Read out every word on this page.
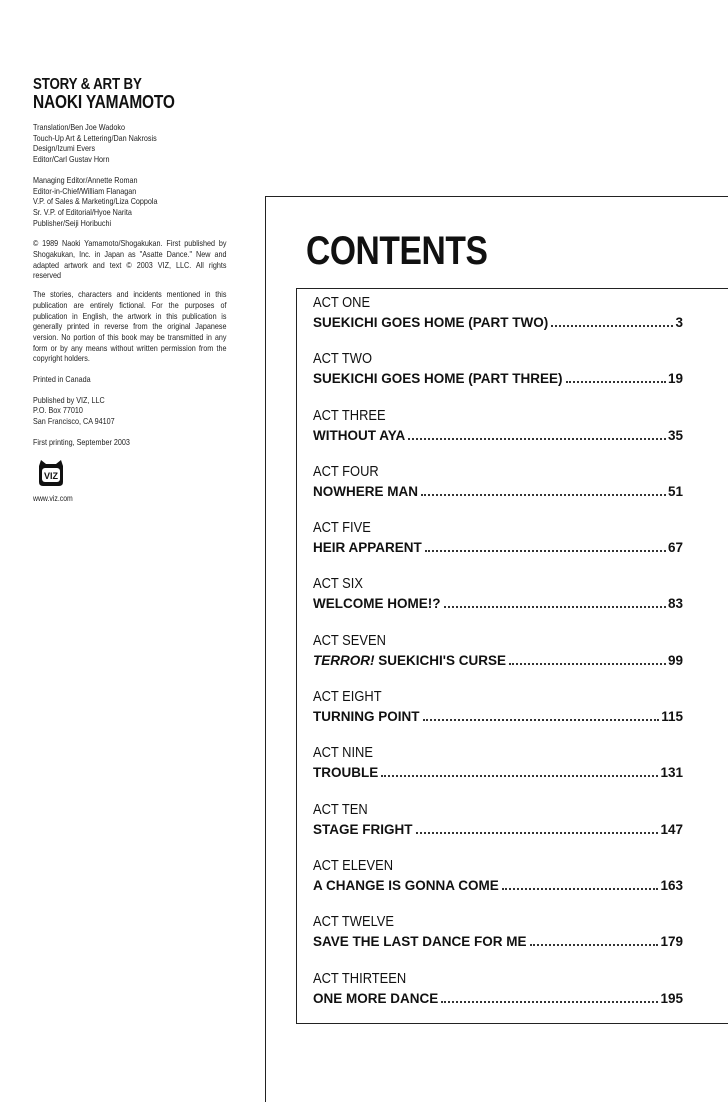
STORY & ART BY
NAOKI YAMAMOTO
Translation/Ben Joe Wadoko
Touch-Up Art & Lettering/Dan Nakrosis
Design/Izumi Evers
Editor/Carl Gustav Horn
Managing Editor/Annette Roman
Editor-in-Chief/William Flanagan
V.P. of Sales & Marketing/Liza Coppola
Sr. V.P. of Editorial/Hyoe Narita
Publisher/Seiji Horibuchi
© 1989 Naoki Yamamoto/Shogakukan. First published by Shogakukan, Inc. in Japan as "Asatte Dance." New and adapted artwork and text © 2003 VIZ, LLC. All rights reserved
The stories, characters and incidents mentioned in this publication are entirely fictional. For the purposes of publication in English, the artwork in this publication is generally printed in reverse from the original Japanese version. No portion of this book may be transmitted in any form or by any means without written permission from the copyright holders.
Printed in Canada
Published by VIZ, LLC
P.O. Box 77010
San Francisco, CA 94107
First printing, September 2003
VIZ
www.viz.com
CONTENTS
ACT ONE
SUEKICHI GOES HOME (PART TWO)	3
ACT TWO
SUEKICHI GOES HOME (PART THREE)	19
ACT THREE
WITHOUT AYA	35
ACT FOUR
NOWHERE MAN	51
ACT FIVE
HEIR APPARENT	67
ACT SIX
WELCOME HOME!?	83
ACT SEVEN
TERROR! SUEKICHI'S CURSE	99
ACT EIGHT
TURNING POINT	115
ACT NINE
TROUBLE	131
ACT TEN
STAGE FRIGHT	147
ACT ELEVEN
A CHANGE IS GONNA COME	163
ACT TWELVE
SAVE THE LAST DANCE FOR ME	179
ACT THIRTEEN
ONE MORE DANCE	195
